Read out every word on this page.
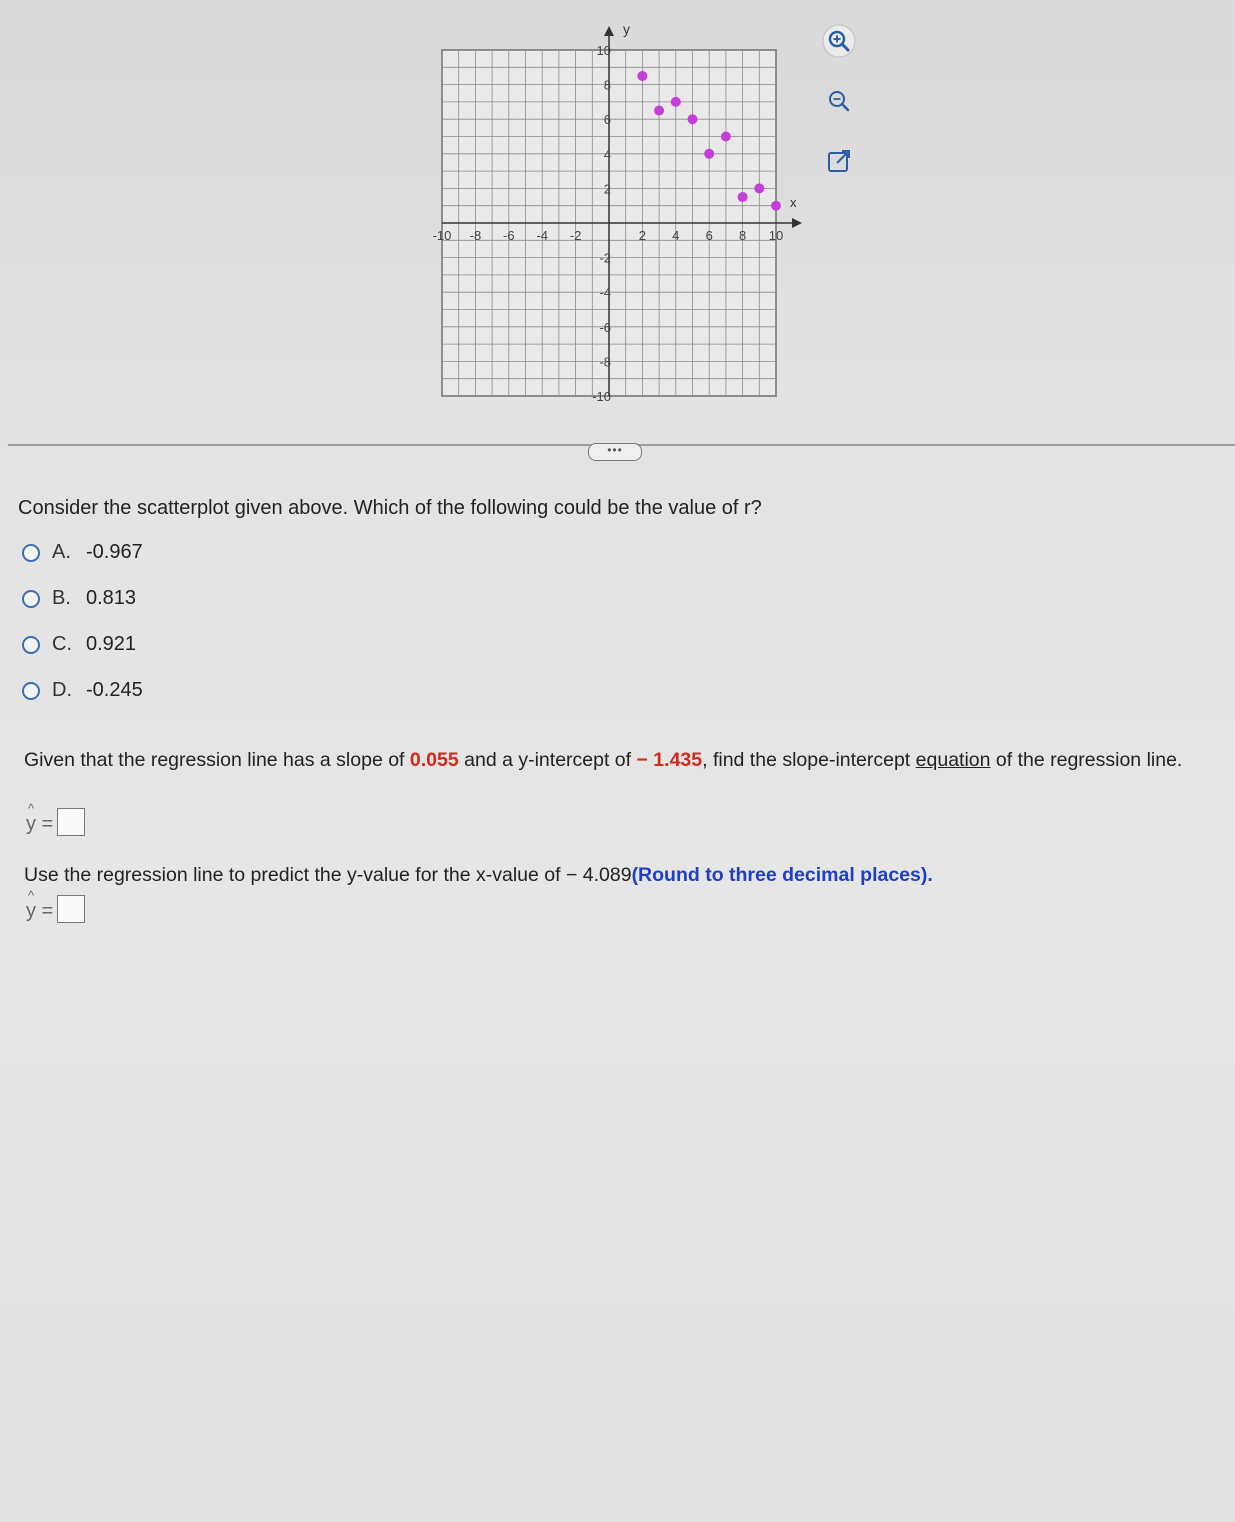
x
y
-10 -8 -6 -4 -2	2 4 6 8 10
10
8
6
4
2
-2
-4
-6
-8
-10
•••
Consider the scatterplot given above. Which of the following could be the value of r?
A. -0.967
B. 0.813
C. 0.921
D. -0.245
Given that the regression line has a slope of 0.055 and a y-intercept of − 1.435, find the slope-intercept equation of the regression line.
^
y =
Use the regression line to predict the y-value for the x-value of − 4.089(Round to three decimal places).
^
y =
